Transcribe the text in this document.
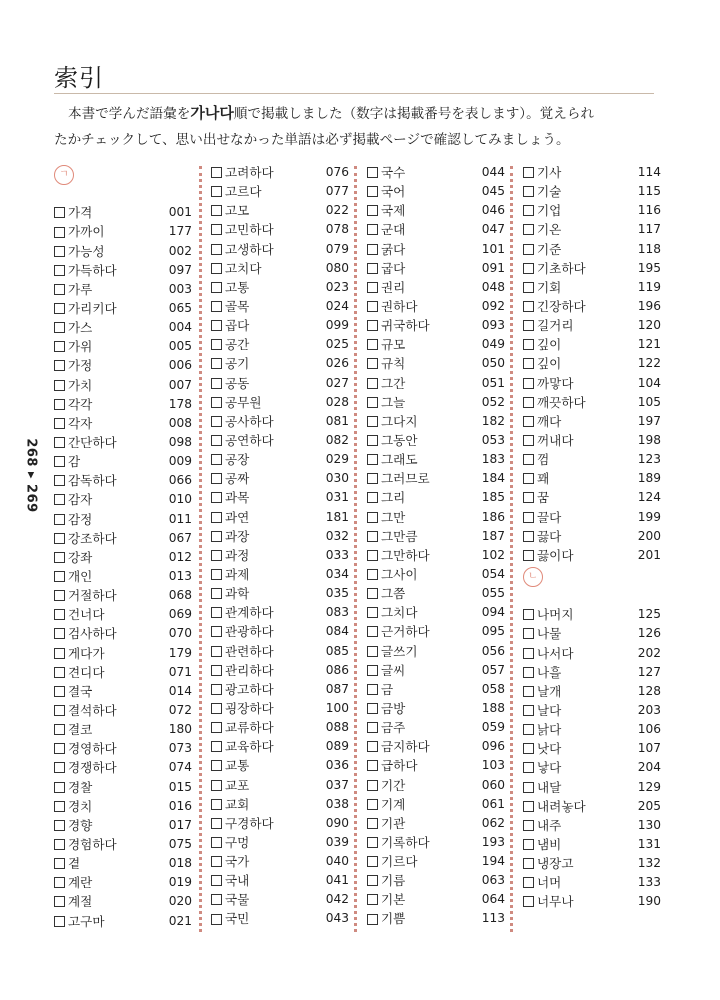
索引
本書で学んだ語彙を가나다順で掲載しました（数字は掲載番号を表します）。覚えられ
たかチェックして、思い出せなかった単語は必ず掲載ページで確認してみましょう。
268 ▸ 269
ㄱ
가격	001
가까이	177
가능성	002
가득하다	097
가루	003
가리키다	065
가스	004
가위	005
가정	006
가치	007
각각	178
각자	008
간단하다	098
감	009
감독하다	066
감자	010
감정	011
강조하다	067
강좌	012
개인	013
거절하다	068
건너다	069
검사하다	070
게다가	179
견디다	071
결국	014
결석하다	072
결코	180
경영하다	073
경쟁하다	074
경찰	015
경치	016
경향	017
경험하다	075
곁	018
계란	019
계절	020
고구마	021
고려하다	076
고르다	077
고모	022
고민하다	078
고생하다	079
고치다	080
고통	023
골목	024
곱다	099
공간	025
공기	026
공동	027
공무원	028
공사하다	081
공연하다	082
공장	029
공짜	030
과목	031
과연	181
과장	032
과정	033
과제	034
과학	035
관계하다	083
관광하다	084
관련하다	085
관리하다	086
광고하다	087
굉장하다	100
교류하다	088
교육하다	089
교통	036
교포	037
교회	038
구경하다	090
구멍	039
국가	040
국내	041
국물	042
국민	043
국수	044
국어	045
국제	046
군대	047
굵다	101
굽다	091
권리	048
권하다	092
귀국하다	093
규모	049
규칙	050
그간	051
그늘	052
그다지	182
그동안	053
그래도	183
그러므로	184
그리	185
그만	186
그만큼	187
그만하다	102
그사이	054
그쯤	055
그치다	094
근거하다	095
글쓰기	056
글씨	057
금	058
금방	188
금주	059
금지하다	096
급하다	103
기간	060
기계	061
기관	062
기록하다	193
기르다	194
기름	063
기본	064
기쁨	113
기사	114
기술	115
기업	116
기온	117
기준	118
기초하다	195
기회	119
긴장하다	196
길거리	120
깊이	121
깊이	122
까맣다	104
깨끗하다	105
깨다	197
꺼내다	198
껌	123
꽤	189
꿈	124
끌다	199
끓다	200
끓이다	201
ㄴ
나머지	125
나물	126
나서다	202
나흘	127
날개	128
날다	203
낡다	106
낫다	107
낳다	204
내달	129
내려놓다	205
내주	130
냄비	131
냉장고	132
너머	133
너무나	190
